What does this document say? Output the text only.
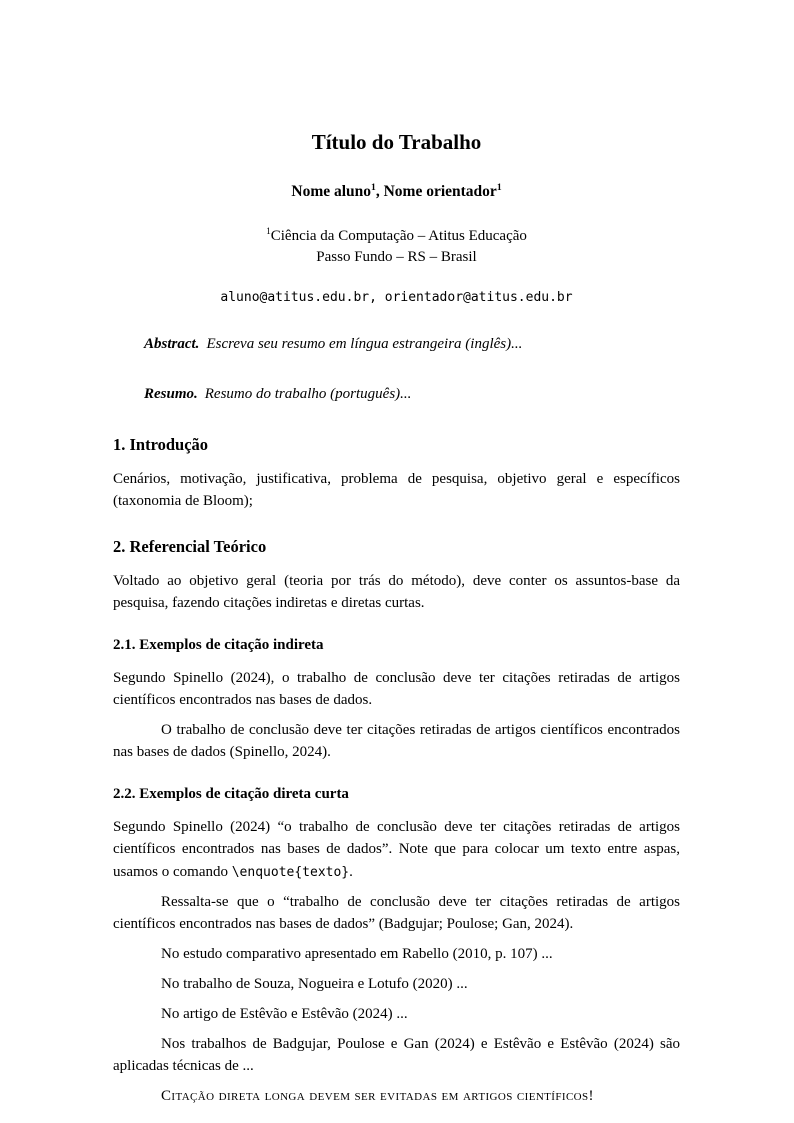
Título do Trabalho

Nome aluno$^1$, Nome orientador$^1$

$^1$Ciência da Computação – Atitus Educação
Passo Fundo – RS – Brasil

aluno@atitus.edu.br, orientador@atitus.edu.br

Abstract. Escreva seu resumo em língua estrangeira (inglês)...

Resumo. Resumo do trabalho (português)...

1. Introdução

Cenários, motivação, justificativa, problema de pesquisa, objetivo geral e específicos (taxonomia de Bloom);

2. Referencial Teórico

Voltado ao objetivo geral (teoria por trás do método), deve conter os assuntos-base da pesquisa, fazendo citações indiretas e diretas curtas.

2.1. Exemplos de citação indireta

Segundo Spinello (2024), o trabalho de conclusão deve ter citações retiradas de artigos científicos encontrados nas bases de dados.

O trabalho de conclusão deve ter citações retiradas de artigos científicos encontrados nas bases de dados (Spinello, 2024).

2.2. Exemplos de citação direta curta

Segundo Spinello (2024) “o trabalho de conclusão deve ter citações retiradas de artigos científicos encontrados nas bases de dados”. Note que para colocar um texto entre aspas, usamos o comando \enquote{texto}.

Ressalta-se que o “trabalho de conclusão deve ter citações retiradas de artigos científicos encontrados nas bases de dados” (Badgujar; Poulose; Gan, 2024).

No estudo comparativo apresentado em Rabello (2010, p. 107) ...

No trabalho de Souza, Nogueira e Lotufo (2020) ...

No artigo de Estêvão e Estêvão (2024) ...

Nos trabalhos de Badgujar, Poulose e Gan (2024) e Estêvão e Estêvão (2024) são aplicadas técnicas de ...

Citação direta longa devem ser evitadas em artigos científicos!
